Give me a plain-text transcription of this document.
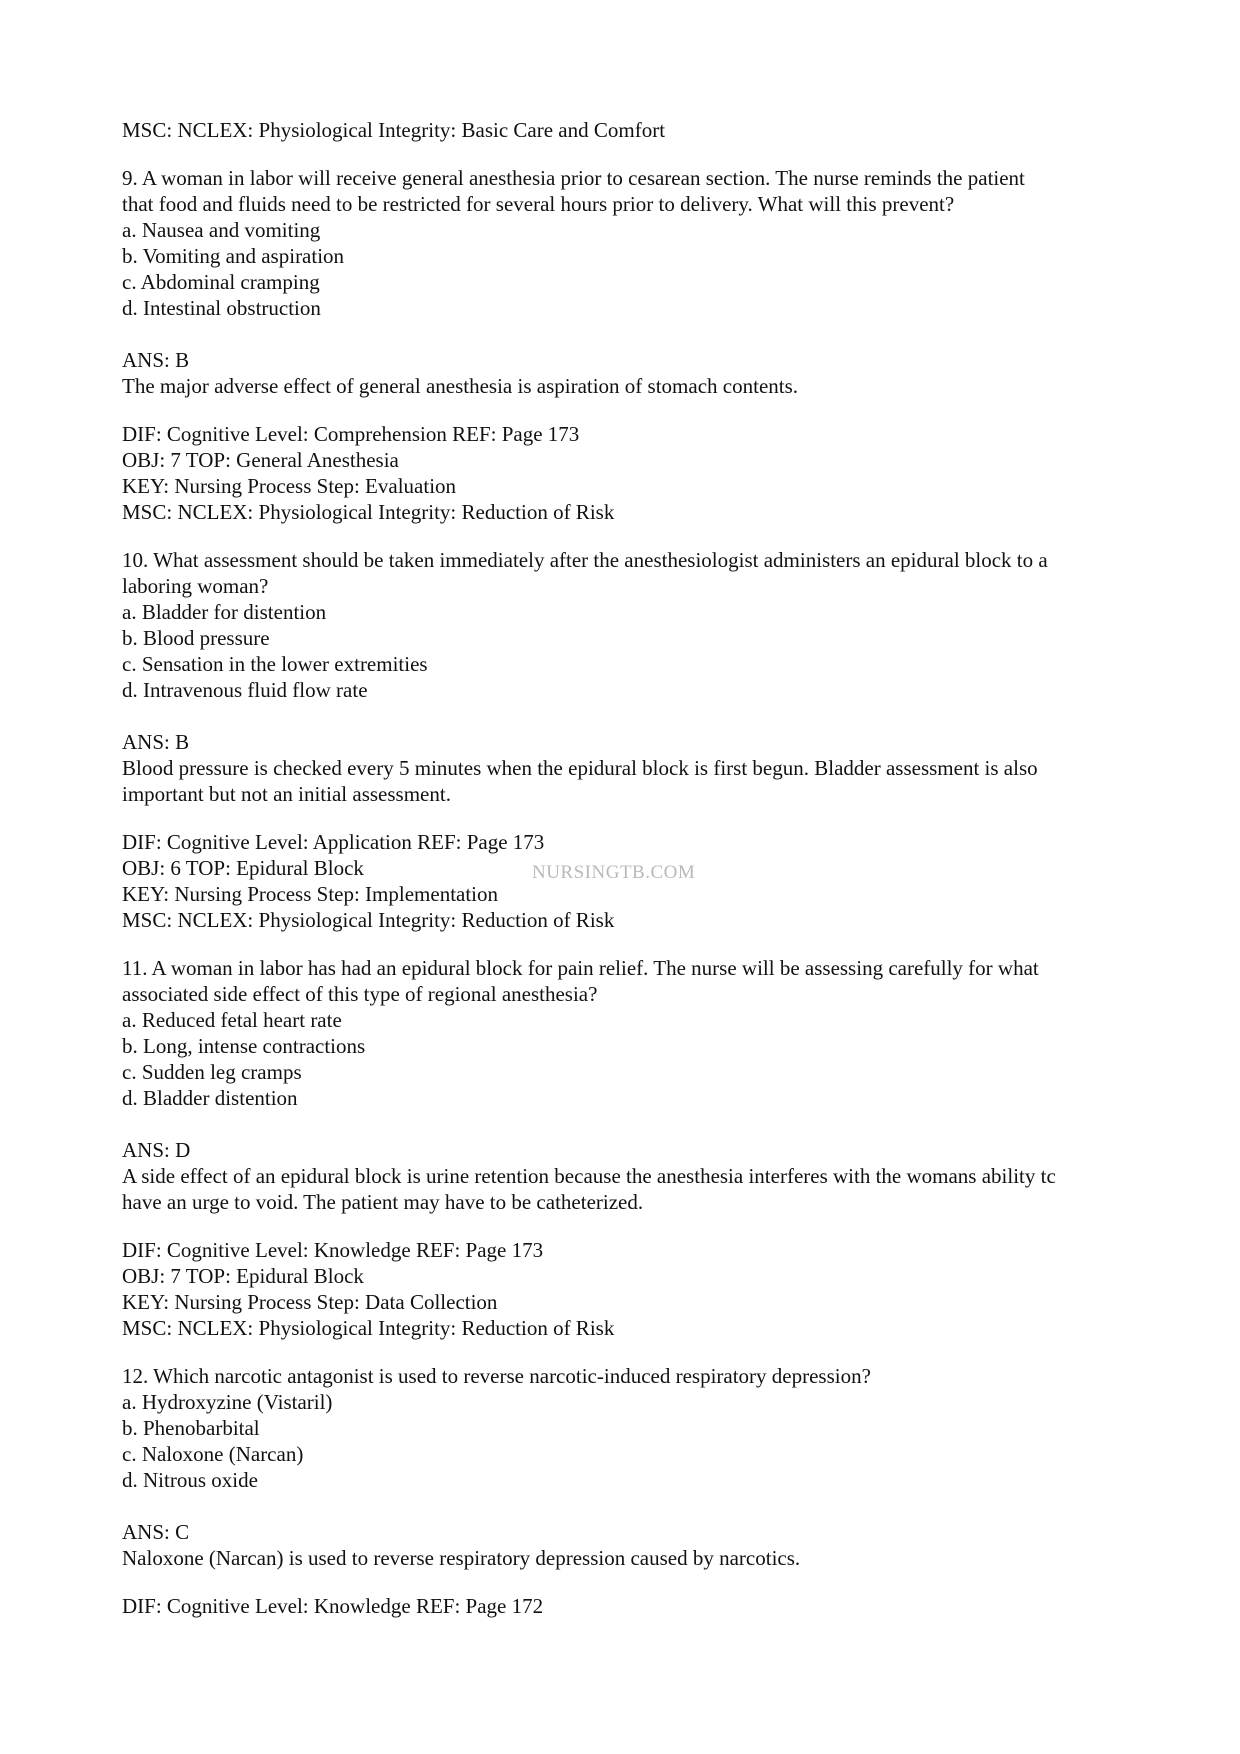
MSC: NCLEX: Physiological Integrity: Basic Care and Comfort
9. A woman in labor will receive general anesthesia prior to cesarean section. The nurse reminds the patient
that food and fluids need to be restricted for several hours prior to delivery. What will this prevent?
a. Nausea and vomiting
b. Vomiting and aspiration
c. Abdominal cramping
d. Intestinal obstruction
ANS: B
The major adverse effect of general anesthesia is aspiration of stomach contents.
DIF: Cognitive Level: Comprehension REF: Page 173
OBJ: 7 TOP: General Anesthesia
KEY: Nursing Process Step: Evaluation
MSC: NCLEX: Physiological Integrity: Reduction of Risk
10. What assessment should be taken immediately after the anesthesiologist administers an epidural block to a
laboring woman?
a. Bladder for distention
b. Blood pressure
c. Sensation in the lower extremities
d. Intravenous fluid flow rate
ANS: B
Blood pressure is checked every 5 minutes when the epidural block is first begun. Bladder assessment is also
important but not an initial assessment.
DIF: Cognitive Level: Application REF: Page 173
OBJ: 6 TOP: Epidural Block
KEY: Nursing Process Step: Implementation
MSC: NCLEX: Physiological Integrity: Reduction of Risk
NURSINGTB.COM
11. A woman in labor has had an epidural block for pain relief. The nurse will be assessing carefully for what
associated side effect of this type of regional anesthesia?
a. Reduced fetal heart rate
b. Long, intense contractions
c. Sudden leg cramps
d. Bladder distention
ANS: D
A side effect of an epidural block is urine retention because the anesthesia interferes with the womans ability tc
have an urge to void. The patient may have to be catheterized.
DIF: Cognitive Level: Knowledge REF: Page 173
OBJ: 7 TOP: Epidural Block
KEY: Nursing Process Step: Data Collection
MSC: NCLEX: Physiological Integrity: Reduction of Risk
12. Which narcotic antagonist is used to reverse narcotic-induced respiratory depression?
a. Hydroxyzine (Vistaril)
b. Phenobarbital
c. Naloxone (Narcan)
d. Nitrous oxide
ANS: C
Naloxone (Narcan) is used to reverse respiratory depression caused by narcotics.
DIF: Cognitive Level: Knowledge REF: Page 172
